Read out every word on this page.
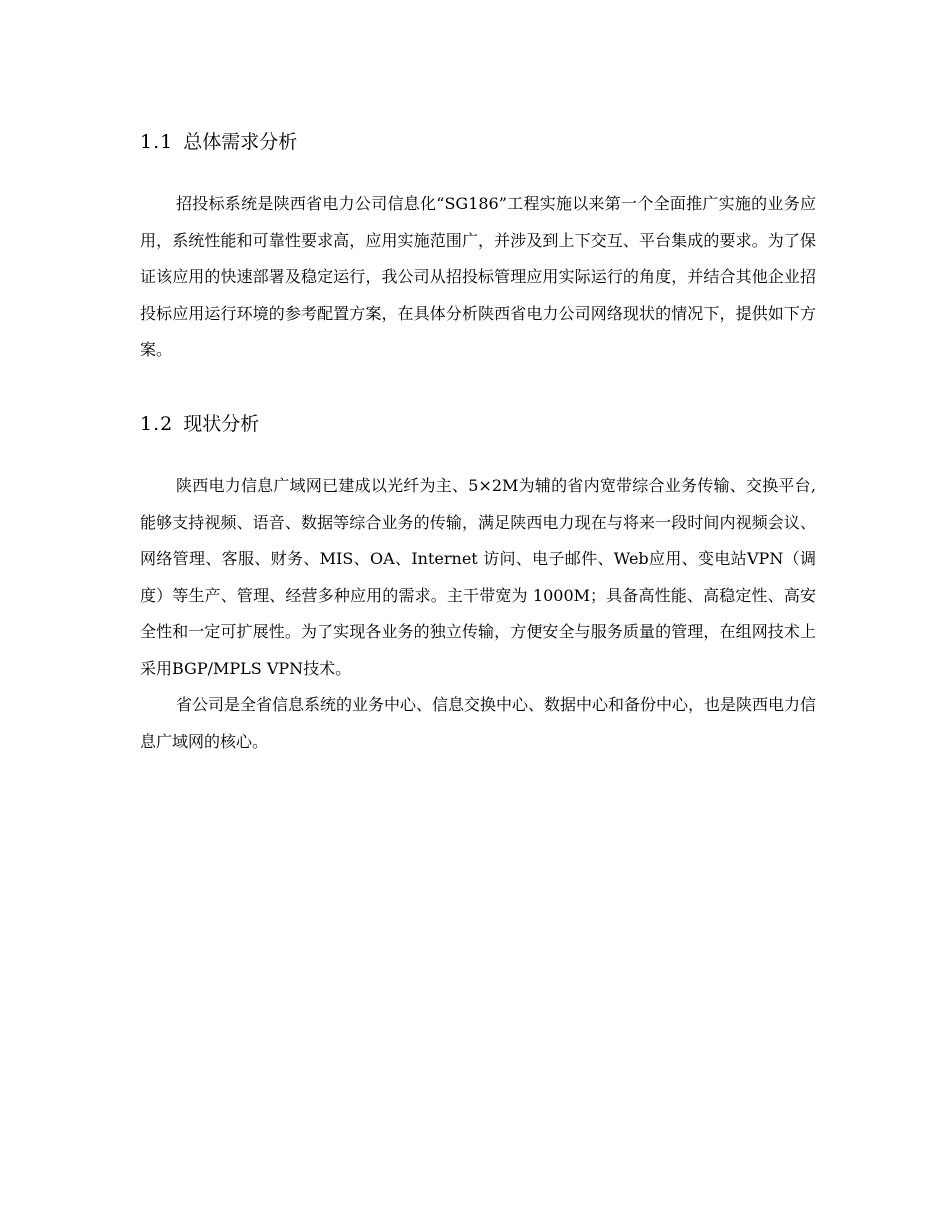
1.1 总体需求分析

招投标系统是陕西省电力公司信息化“SG186”工程实施以来第一个全面推广实施的业务应用，系统性能和可靠性要求高，应用实施范围广，并涉及到上下交互、平台集成的要求。为了保证该应用的快速部署及稳定运行，我公司从招投标管理应用实际运行的角度，并结合其他企业招投标应用运行环境的参考配置方案，在具体分析陕西省电力公司网络现状的情况下，提供如下方案。

1.2 现状分析

陕西电力信息广域网已建成以光纤为主、5×2M为辅的省内宽带综合业务传输、交换平台,能够支持视频、语音、数据等综合业务的传输，满足陕西电力现在与将来一段时间内视频会议、网络管理、客服、财务、MIS、OA、Internet 访问、电子邮件、Web应用、变电站VPN（调度）等生产、管理、经营多种应用的需求。主干带宽为 1000M；具备高性能、高稳定性、高安全性和一定可扩展性。为了实现各业务的独立传输，方便安全与服务质量的管理，在组网技术上采用BGP/MPLS VPN技术。

省公司是全省信息系统的业务中心、信息交换中心、数据中心和备份中心，也是陕西电力信息广域网的核心。
